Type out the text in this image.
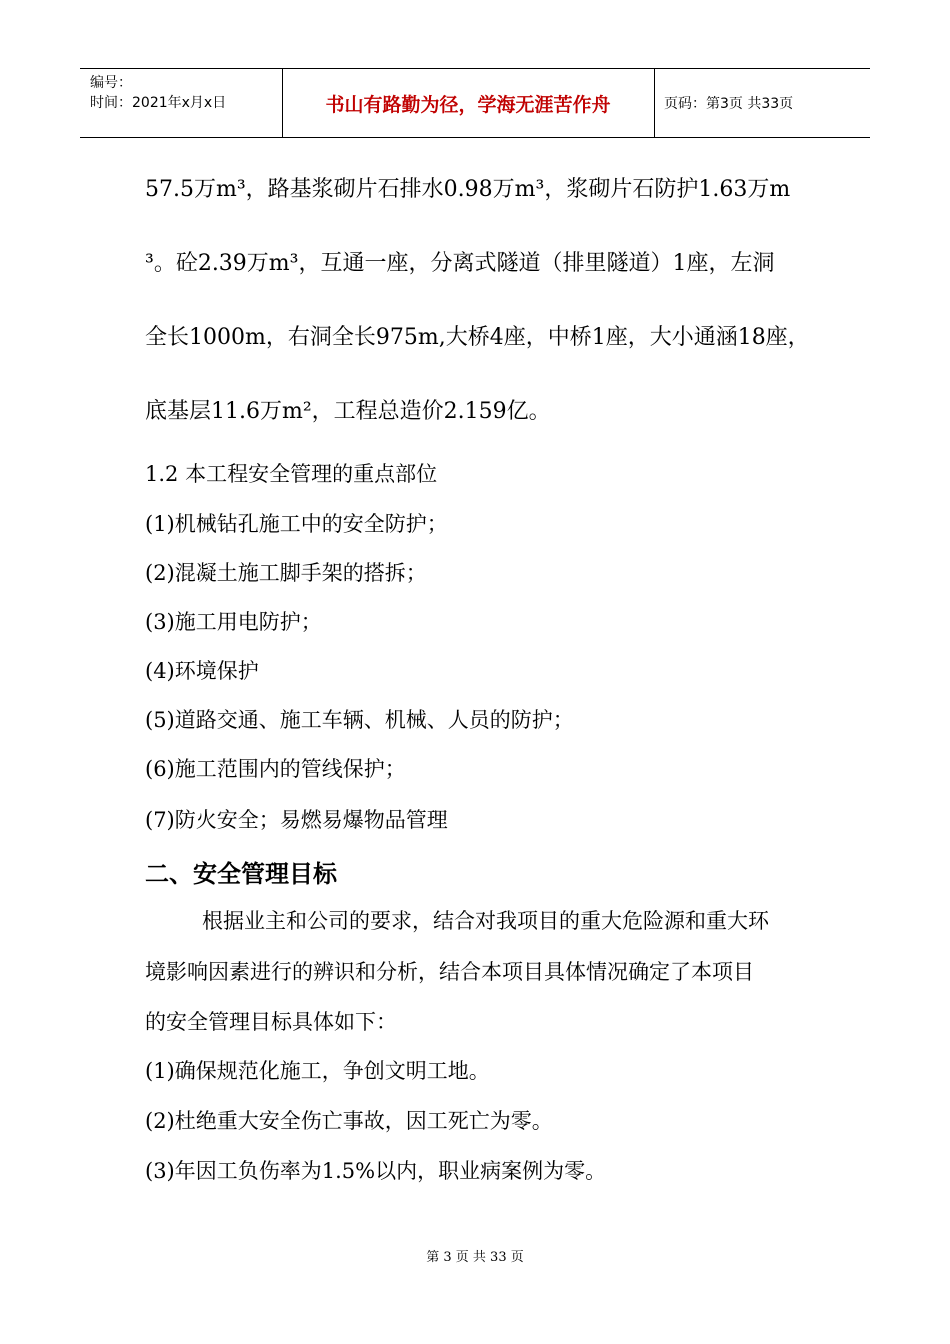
编号：
时间：2021年x月x日	书山有路勤为径，学海无涯苦作舟	页码：第3页 共33页
57.5万m³，路基浆砌片石排水0.98万m³，浆砌片石防护1.63万m
³。砼2.39万m³，互通一座，分离式隧道（排里隧道）1座，左洞
全长1000m，右洞全长975m,大桥4座，中桥1座，大小通涵18座，
底基层11.6万m²，工程总造价2.159亿。
1.2 本工程安全管理的重点部位
(1)机械钻孔施工中的安全防护；
(2)混凝土施工脚手架的搭拆；
(3)施工用电防护；
(4)环境保护
(5)道路交通、施工车辆、机械、人员的防护；
(6)施工范围内的管线保护；
(7)防火安全；易燃易爆物品管理
二、安全管理目标
根据业主和公司的要求，结合对我项目的重大危险源和重大环
境影响因素进行的辨识和分析，结合本项目具体情况确定了本项目
的安全管理目标具体如下：
(1)确保规范化施工，争创文明工地。
(2)杜绝重大安全伤亡事故，因工死亡为零。
(3)年因工负伤率为1.5%以内，职业病案例为零。
第 3 页 共 33 页
